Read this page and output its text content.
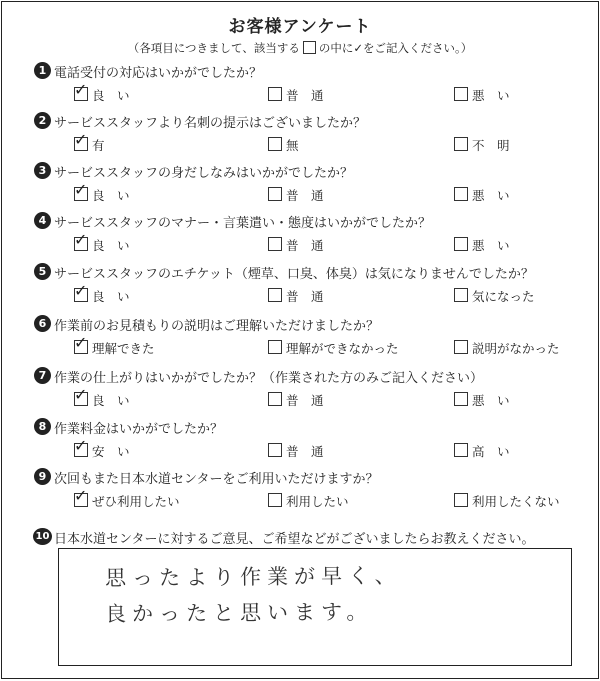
お客様アンケート
（各項目につきまして、該当する の中に✓をご記入ください。）
1 電話受付の対応はいかがでしたか？
✓ 良　い	普　通	悪　い
2 サービススタッフより名刺の提示はございましたか？
✓ 有	無	不　明
3 サービススタッフの身だしなみはいかがでしたか？
✓ 良　い	普　通	悪　い
4 サービススタッフのマナー・言葉遣い・態度はいかがでしたか？
✓ 良　い	普　通	悪　い
5 サービススタッフのエチケット（煙草、口臭、体臭）は気になりませんでしたか？
✓ 良　い	普　通	気になった
6 作業前のお見積もりの説明はご理解いただけましたか？
✓ 理解できた	理解ができなかった	説明がなかった
7 作業の仕上がりはいかがでしたか？（作業された方のみご記入ください）
✓ 良　い	普　通	悪　い
8 作業料金はいかがでしたか？
✓ 安　い	普　通	高　い
9 次回もまた日本水道センターをご利用いただけますか？
✓ ぜひ利用したい	利用したい	利用したくない
10 日本水道センターに対するご意見、ご希望などがございましたらお教えください。
思ったより作業が早く、
良かったと思います。
